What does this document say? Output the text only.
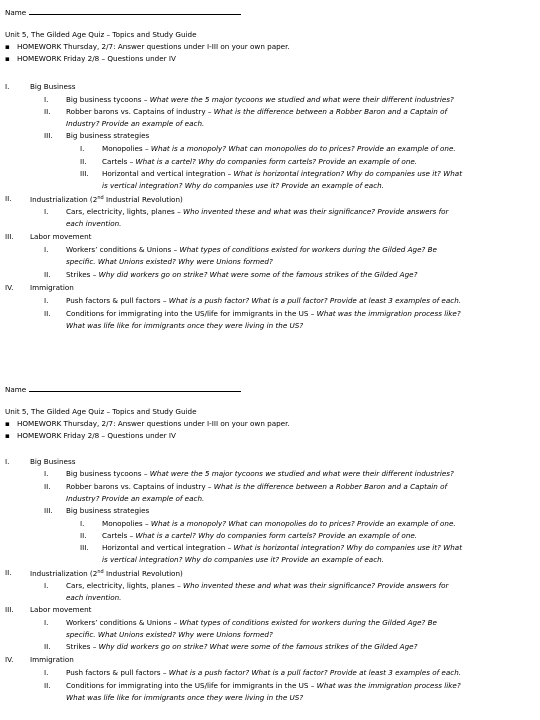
Name
Unit 5, The Gilded Age Quiz – Topics and Study Guide
▪ HOMEWORK Thursday, 2/7: Answer questions under I-III on your own paper.
▪ HOMEWORK Friday 2/8 – Questions under IV
I.	Big Business
I. Big business tycoons – What were the 5 major tycoons we studied and what were their different industries?
II. Robber barons vs. Captains of industry – What is the difference between a Robber Baron and a Captain of
Industry? Provide an example of each.
III. Big business strategies
I. Monopolies – What is a monopoly? What can monopolies do to prices? Provide an example of one.
II. Cartels – What is a cartel? Why do companies form cartels? Provide an example of one.
III. Horizontal and vertical integration – What is horizontal integration? Why do companies use it? What
is vertical integration? Why do companies use it? Provide an example of each.
II.	Industrialization (2nd Industrial Revolution)
I. Cars, electricity, lights, planes – Who invented these and what was their significance? Provide answers for
each invention.
III. Labor movement
I. Workers’ conditions & Unions – What types of conditions existed for workers during the Gilded Age? Be
specific. What Unions existed? Why were Unions formed?
II. Strikes – Why did workers go on strike? What were some of the famous strikes of the Gilded Age?
IV. Immigration
I. Push factors & pull factors – What is a push factor? What is a pull factor? Provide at least 3 examples of each.
II. Conditions for immigrating into the US/life for immigrants in the US – What was the immigration process like?
What was life like for immigrants once they were living in the US?
Name
Unit 5, The Gilded Age Quiz – Topics and Study Guide
▪ HOMEWORK Thursday, 2/7: Answer questions under I-III on your own paper.
▪ HOMEWORK Friday 2/8 – Questions under IV
I.	Big Business
I. Big business tycoons – What were the 5 major tycoons we studied and what were their different industries?
II. Robber barons vs. Captains of industry – What is the difference between a Robber Baron and a Captain of
Industry? Provide an example of each.
III. Big business strategies
I. Monopolies – What is a monopoly? What can monopolies do to prices? Provide an example of one.
II. Cartels – What is a cartel? Why do companies form cartels? Provide an example of one.
III. Horizontal and vertical integration – What is horizontal integration? Why do companies use it? What
is vertical integration? Why do companies use it? Provide an example of each.
II.	Industrialization (2nd Industrial Revolution)
I. Cars, electricity, lights, planes – Who invented these and what was their significance? Provide answers for
each invention.
III. Labor movement
I. Workers’ conditions & Unions – What types of conditions existed for workers during the Gilded Age? Be
specific. What Unions existed? Why were Unions formed?
II. Strikes – Why did workers go on strike? What were some of the famous strikes of the Gilded Age?
IV. Immigration
I. Push factors & pull factors – What is a push factor? What is a pull factor? Provide at least 3 examples of each.
II. Conditions for immigrating into the US/life for immigrants in the US – What was the immigration process like?
What was life like for immigrants once they were living in the US?
